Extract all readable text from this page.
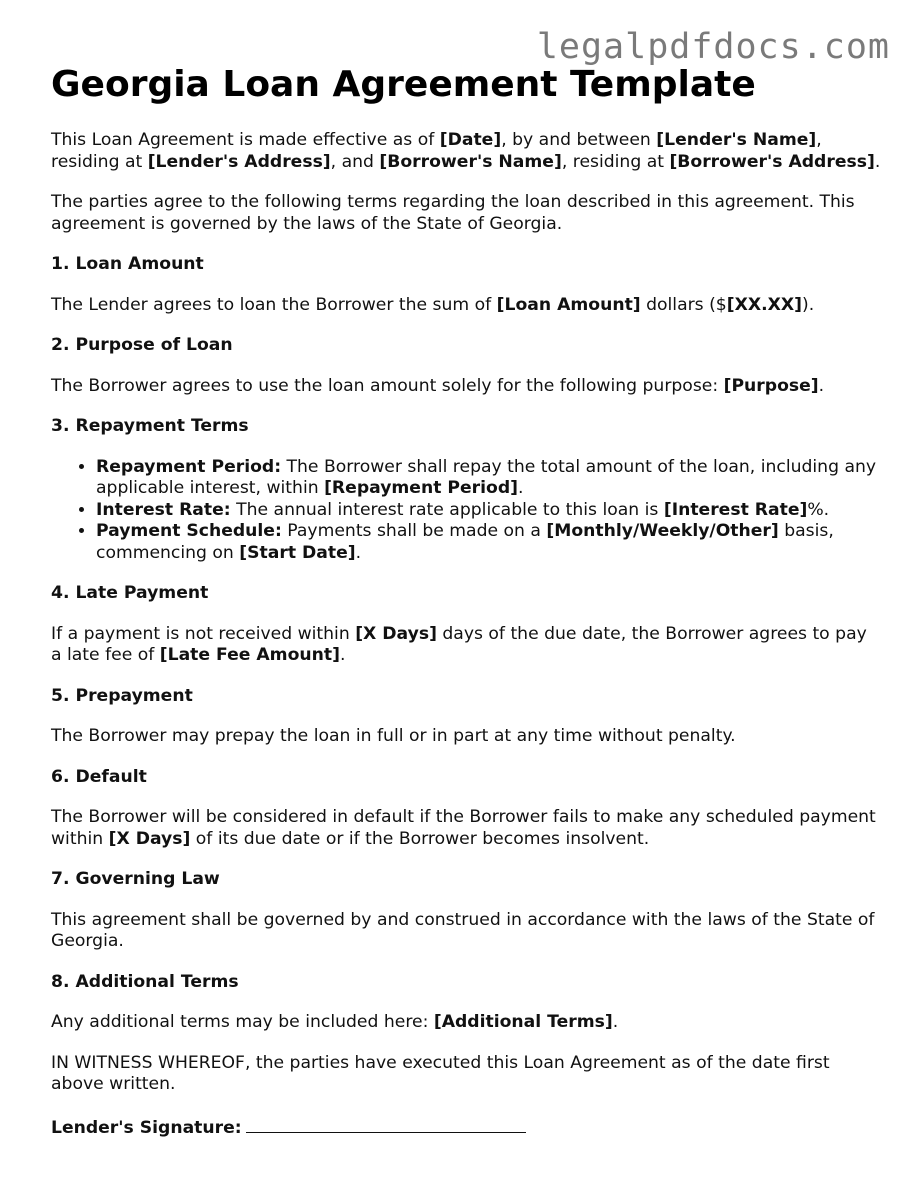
legalpdfdocs.com
Georgia Loan Agreement Template

This Loan Agreement is made effective as of [Date], by and between [Lender's Name], residing at [Lender's Address], and [Borrower's Name], residing at [Borrower's Address].

The parties agree to the following terms regarding the loan described in this agreement. This agreement is governed by the laws of the State of Georgia.

1. Loan Amount

The Lender agrees to loan the Borrower the sum of [Loan Amount] dollars ($[XX.XX]).

2. Purpose of Loan

The Borrower agrees to use the loan amount solely for the following purpose: [Purpose].

3. Repayment Terms
• Repayment Period: The Borrower shall repay the total amount of the loan, including any applicable interest, within [Repayment Period].
• Interest Rate: The annual interest rate applicable to this loan is [Interest Rate]%.
• Payment Schedule: Payments shall be made on a [Monthly/Weekly/Other] basis, commencing on [Start Date].
4. Late Payment

If a payment is not received within [X Days] days of the due date, the Borrower agrees to pay a late fee of [Late Fee Amount].

5. Prepayment

The Borrower may prepay the loan in full or in part at any time without penalty.

6. Default

The Borrower will be considered in default if the Borrower fails to make any scheduled payment within [X Days] of its due date or if the Borrower becomes insolvent.

7. Governing Law

This agreement shall be governed by and construed in accordance with the laws of the State of Georgia.

8. Additional Terms

Any additional terms may be included here: [Additional Terms].

IN WITNESS WHEREOF, the parties have executed this Loan Agreement as of the date first above written.

Lender's Signature:
